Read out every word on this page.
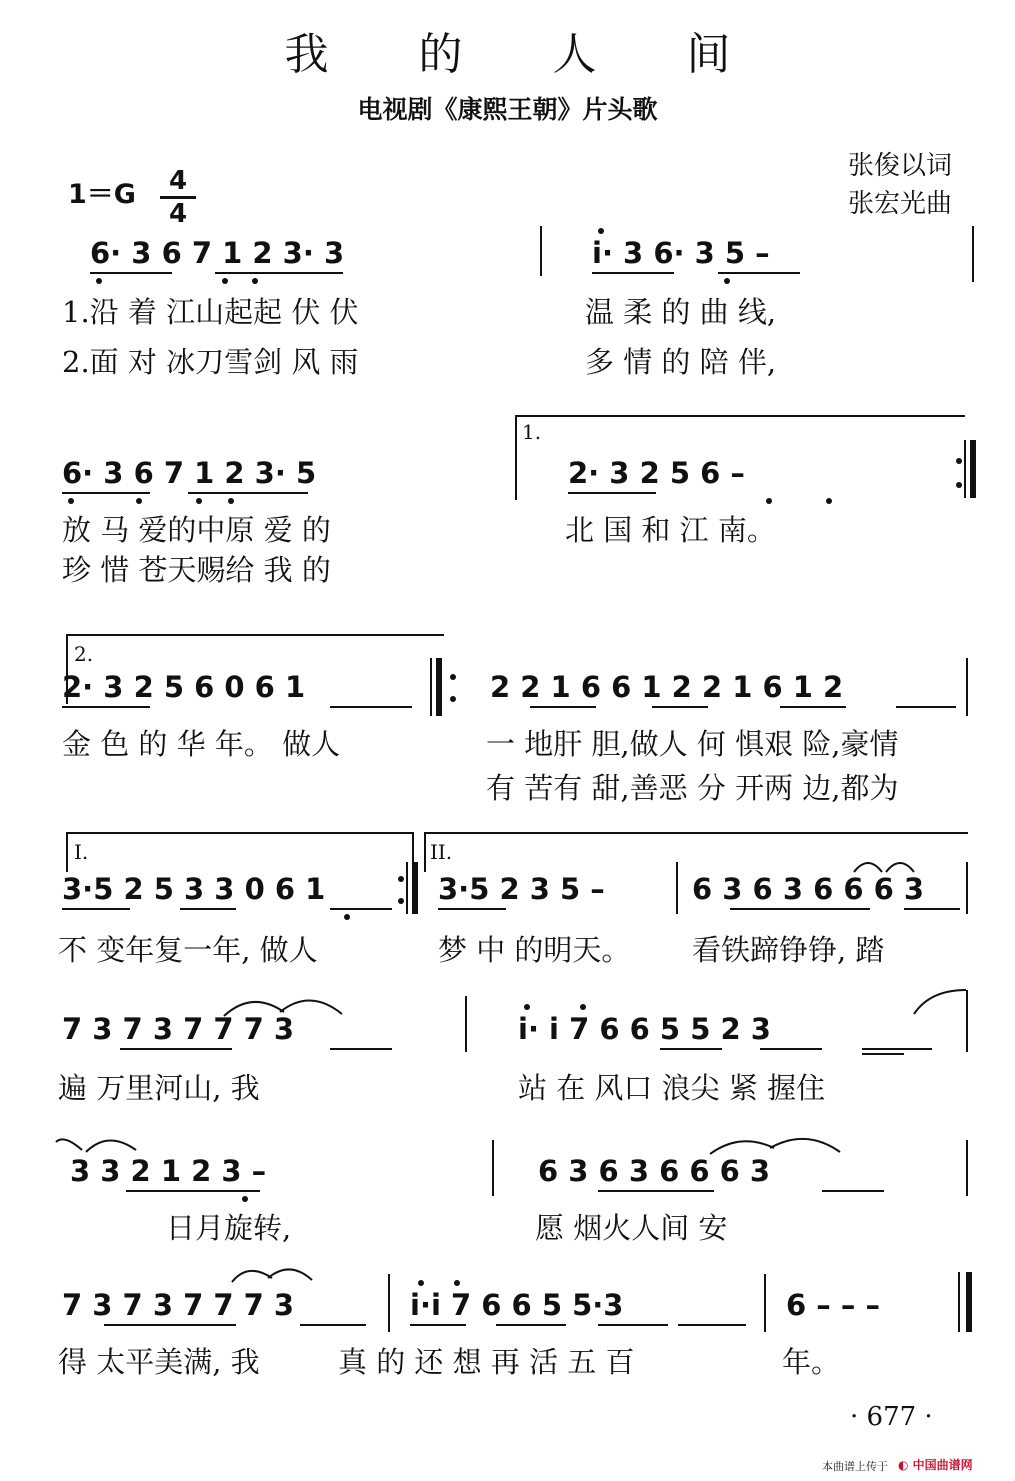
我 的 人 间
电视剧《康熙王朝》片头歌
张俊以词
张宏光曲
1＝G	4
4
6· 3 6 7 1 2 3· 3	i· 3 6· 3 5 –
1.沿 着 江山起起 伏 伏	温 柔 的 曲 线,
2.面 对 冰刀雪剑 风 雨	多 情 的 陪 伴,
1.
6· 3 6 7 1 2 3· 5	2· 3 2 5 6 –
放 马 爱的中原 爱 的	北 国 和 江 南。
珍 惜 苍天赐给 我 的
2.
2· 3 2 5 6 0 6 1	2 2 1 6 6 1 2 2 1 6 1 2
金 色 的 华 年。 做人	一 地肝 胆,做人 何 惧艰 险,豪情
有 苦有 甜,善恶 分 开两 边,都为
I.	II.
3·5 2 5 3 3 0 6 1	3·5 2 3 5 –	6 3 6 3 6 6 6 3
不 变年复一年, 做人	梦 中 的明天。 看铁蹄铮铮, 踏
7 3 7 3 7 7 7 3	i· i 7 6 6 5 5 2 3
遍 万里河山, 我	站 在 风口 浪尖 紧 握住
3 3 2 1 2 3 –	6 3 6 3 6 6 6 3
日月旋转,	愿 烟火人间 安
7 3 7 3 7 7 7 3	i·i 7 6 6 5 5·3	6 – – –
得 太平美满, 我	真 的 还 想 再 活 五 百	年。
· 677 ·
本曲谱上传于 ◐ 中国曲谱网
